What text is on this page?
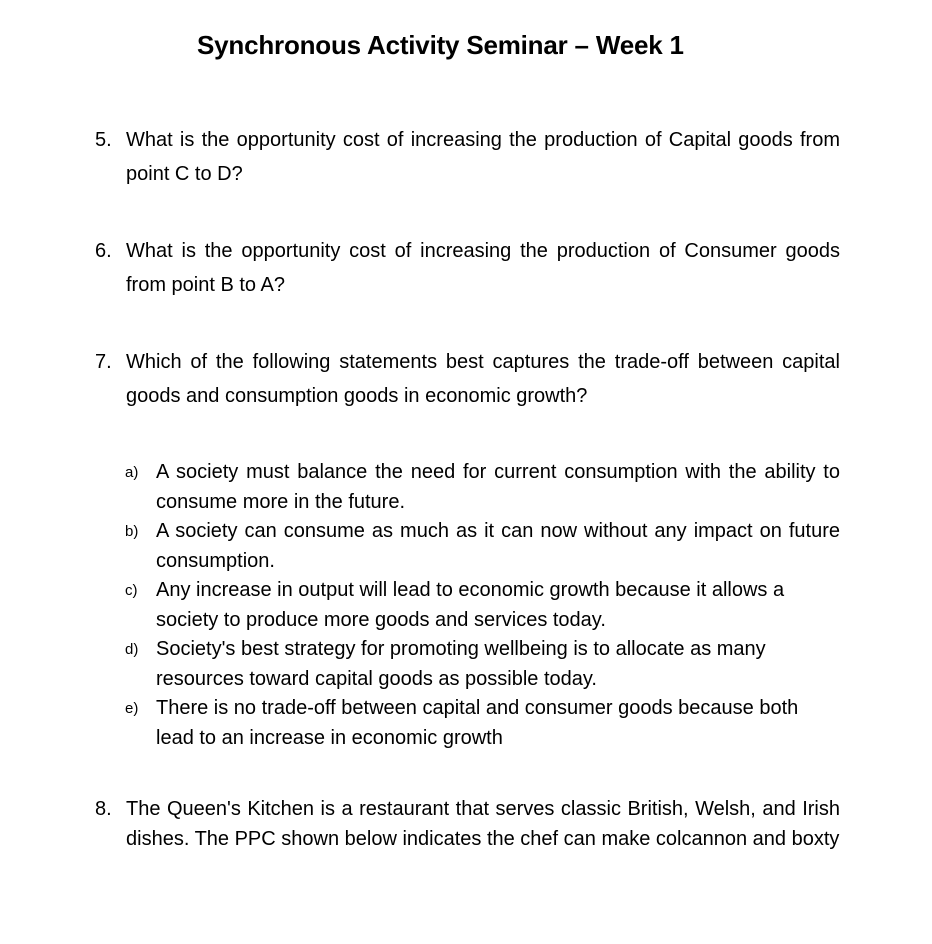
Synchronous Activity Seminar – Week 1
5. What is the opportunity cost of increasing the production of Capital goods from point C to D?
6. What is the opportunity cost of increasing the production of Consumer goods from point B to A?
7. Which of the following statements best captures the trade-off between capital goods and consumption goods in economic growth?
a) A society must balance the need for current consumption with the ability to consume more in the future.
b) A society can consume as much as it can now without any impact on future consumption.
c) Any increase in output will lead to economic growth because it allows a society to produce more goods and services today.
d) Society's best strategy for promoting wellbeing is to allocate as many resources toward capital goods as possible today.
e) There is no trade-off between capital and consumer goods because both lead to an increase in economic growth
8. The Queen's Kitchen is a restaurant that serves classic British, Welsh, and Irish dishes. The PPC shown below indicates the chef can make colcannon and boxty
